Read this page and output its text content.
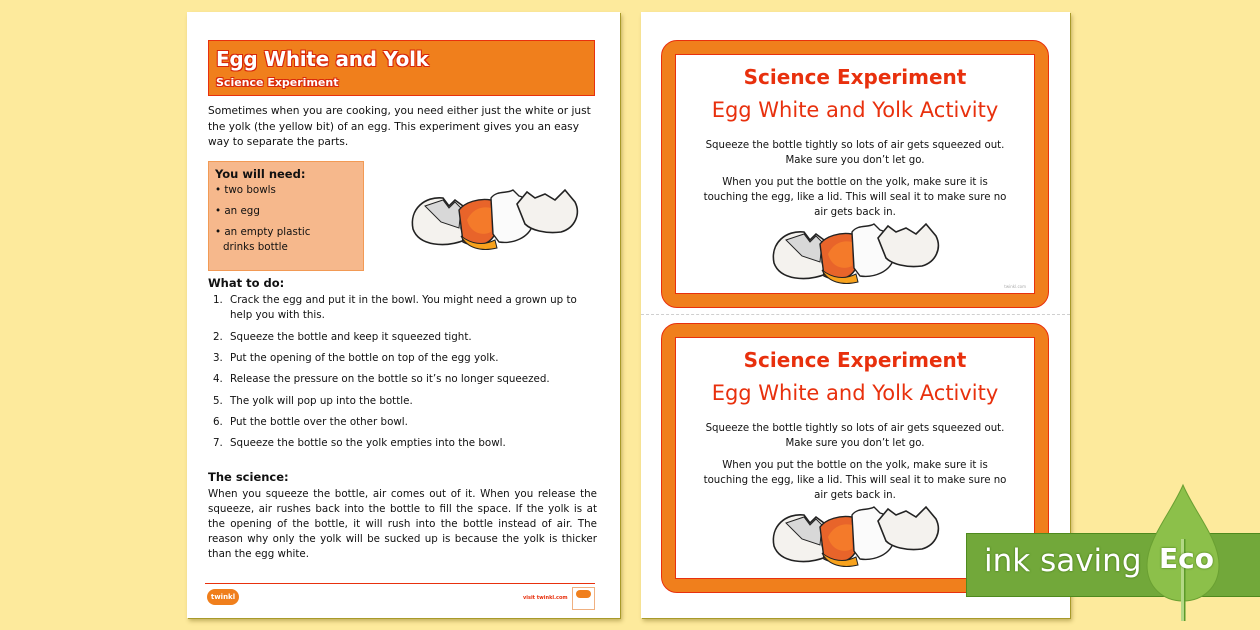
Egg White and Yolk
Science Experiment
Sometimes when you are cooking, you need either just the white or just the yolk (the yellow bit) of an egg. This experiment gives you an easy way to separate the parts.
You will need:
• two bowls
• an egg
• an empty plastic
drinks bottle
What to do:
1. Crack the egg and put it in the bowl. You might need a grown up to help you with this.
2. Squeeze the bottle and keep it squeezed tight.
3. Put the opening of the bottle on top of the egg yolk.
4. Release the pressure on the bottle so it’s no longer squeezed.
5. The yolk will pop up into the bottle.
6. Put the bottle over the other bowl.
7. Squeeze the bottle so the yolk empties into the bowl.
The science:
When you squeeze the bottle, air comes out of it. When you release the squeeze, air rushes back into the bottle to fill the space. If the yolk is at the opening of the bottle, it will rush into the bottle instead of air. The reason why only the yolk will be sucked up is because the yolk is thicker than the egg white.
twinkl	visit twinkl.com
Science Experiment
Egg White and Yolk Activity
Squeeze the bottle tightly so lots of air gets squeezed out.
Make sure you don’t let go.
When you put the bottle on the yolk, make sure it is
touching the egg, like a lid. This will seal it to make sure no
air gets back in.
twinkl.com
Science Experiment
Egg White and Yolk Activity
Squeeze the bottle tightly so lots of air gets squeezed out.
Make sure you don’t let go.
When you put the bottle on the yolk, make sure it is
touching the egg, like a lid. This will seal it to make sure no
air gets back in.
ink saving Eco
